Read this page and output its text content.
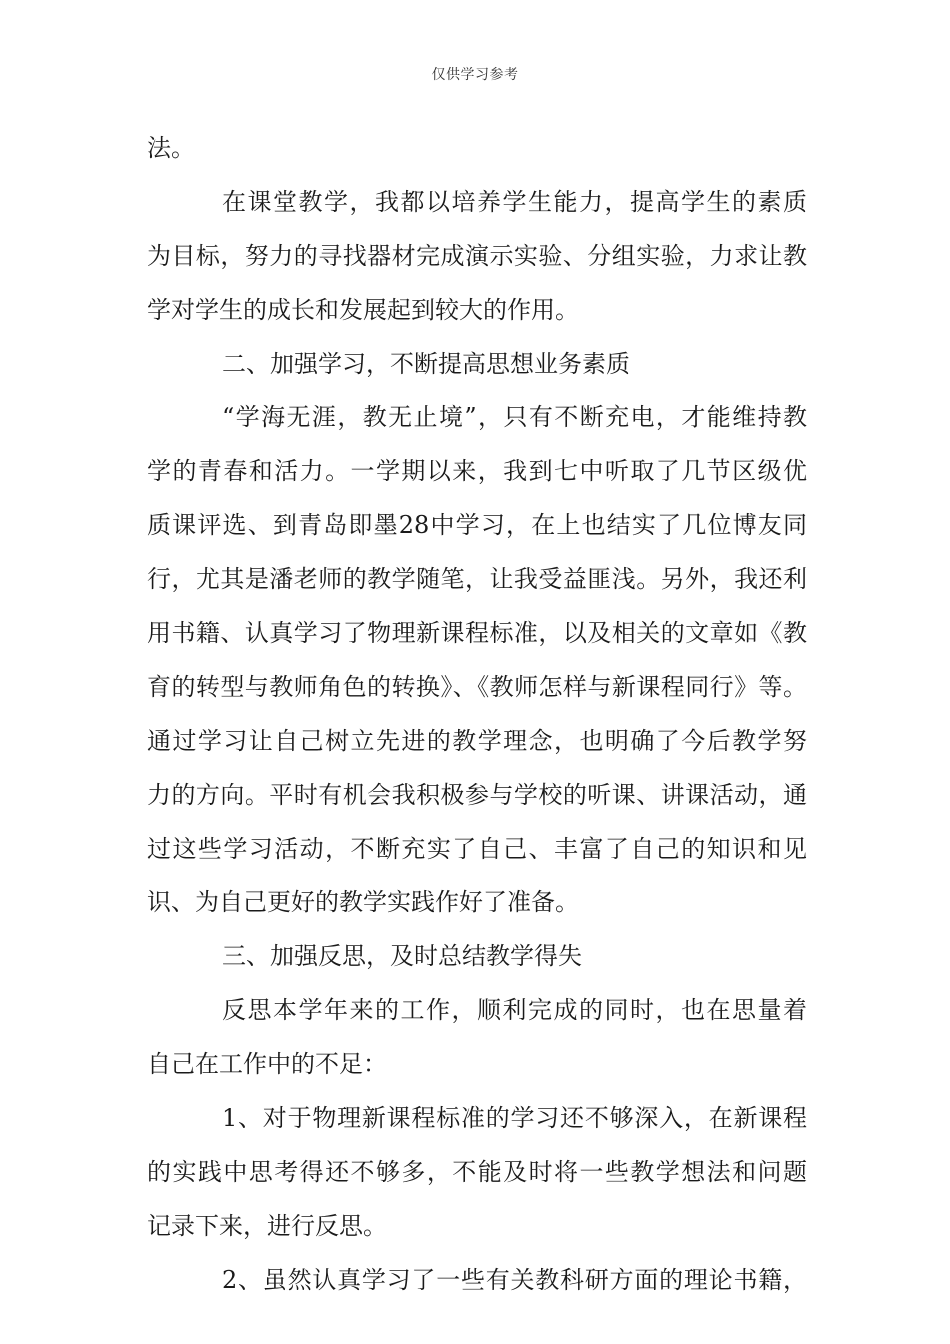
仅供学习参考
法。
在课堂教学，我都以培养学生能力，提高学生的素质
为目标，努力的寻找器材完成演示实验、分组实验，力求让教
学对学生的成长和发展起到较大的作用。
二、加强学习，不断提高思想业务素质
“学海无涯，教无止境”，只有不断充电，才能维持教
学的青春和活力。一学期以来，我到七中听取了几节区级优
质课评选、到青岛即墨28中学习，在上也结实了几位博友同
行，尤其是潘老师的教学随笔，让我受益匪浅。另外，我还利
用书籍、认真学习了物理新课程标准，以及相关的文章如《教
育的转型与教师角色的转换》、《教师怎样与新课程同行》等。
通过学习让自己树立先进的教学理念，也明确了今后教学努
力的方向。平时有机会我积极参与学校的听课、讲课活动，通
过这些学习活动，不断充实了自己、丰富了自己的知识和见
识、为自己更好的教学实践作好了准备。
三、加强反思，及时总结教学得失
反思本学年来的工作，顺利完成的同时，也在思量着
自己在工作中的不足：
1、对于物理新课程标准的学习还不够深入，在新课程
的实践中思考得还不够多，不能及时将一些教学想法和问题
记录下来，进行反思。
2、虽然认真学习了一些有关教科研方面的理论书籍，
